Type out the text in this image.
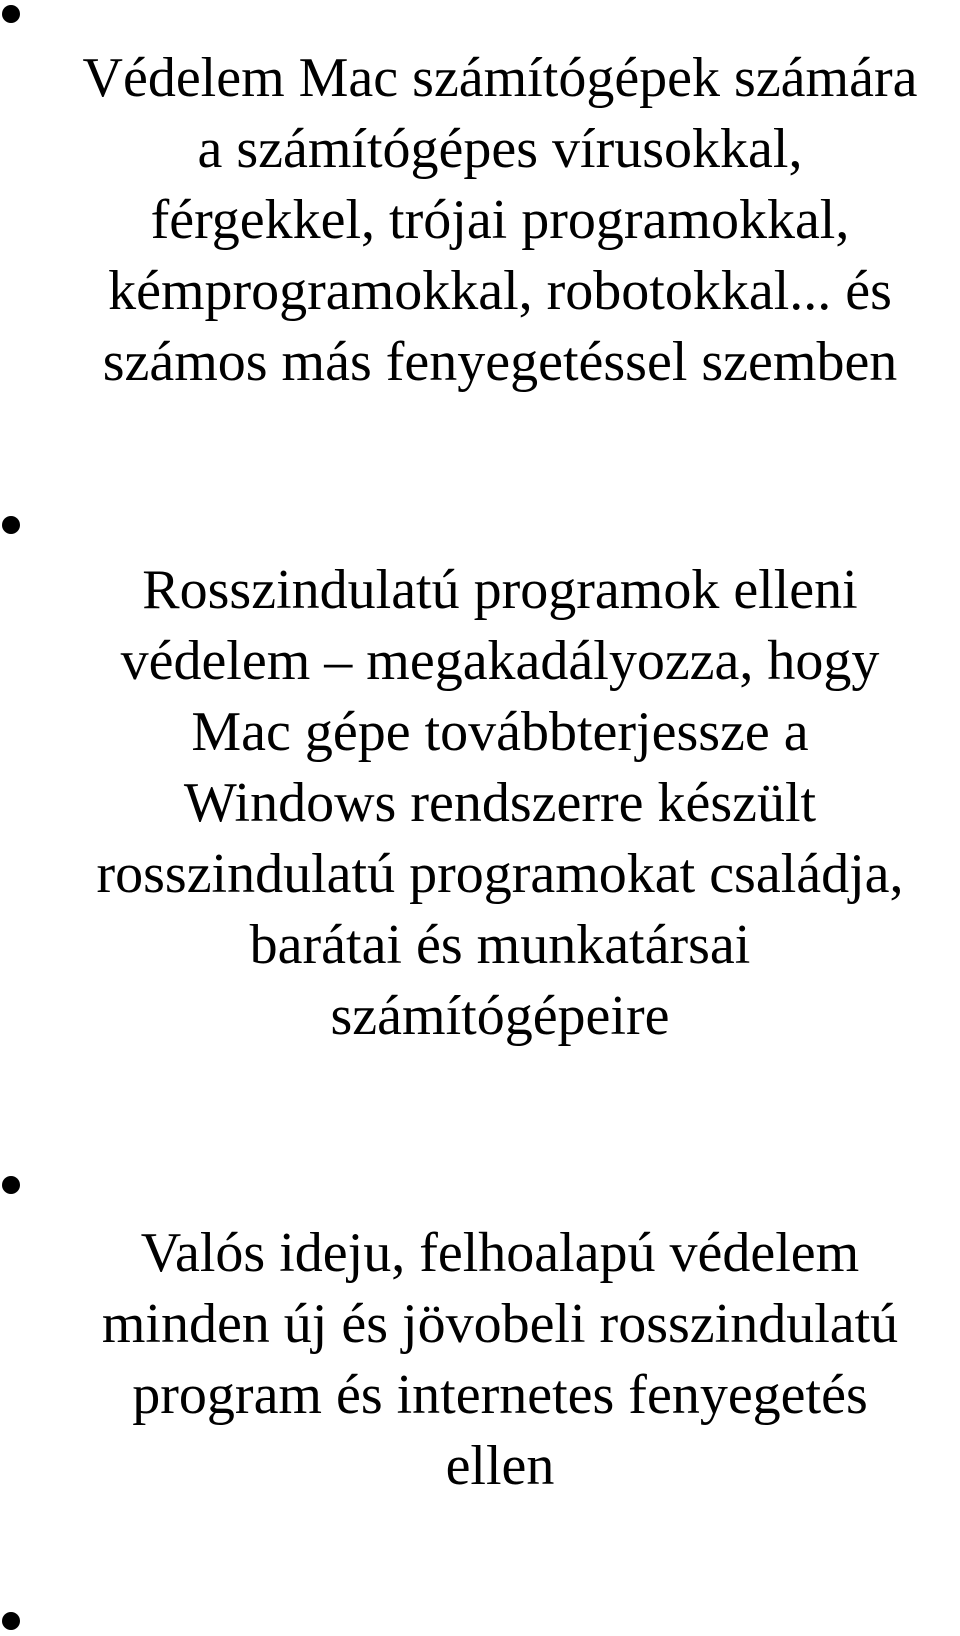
Védelem Mac számítógépek számára
a számítógépes vírusokkal,
férgekkel, trójai programokkal,
kémprogramokkal, robotokkal... és
számos más fenyegetéssel szemben
Rosszindulatú programok elleni
védelem – megakadályozza, hogy
Mac gépe továbbterjessze a
Windows rendszerre készült
rosszindulatú programokat családja,
barátai és munkatársai
számítógépeire
Valós ideju, felhoalapú védelem
minden új és jövobeli rosszindulatú
program és internetes fenyegetés
ellen
